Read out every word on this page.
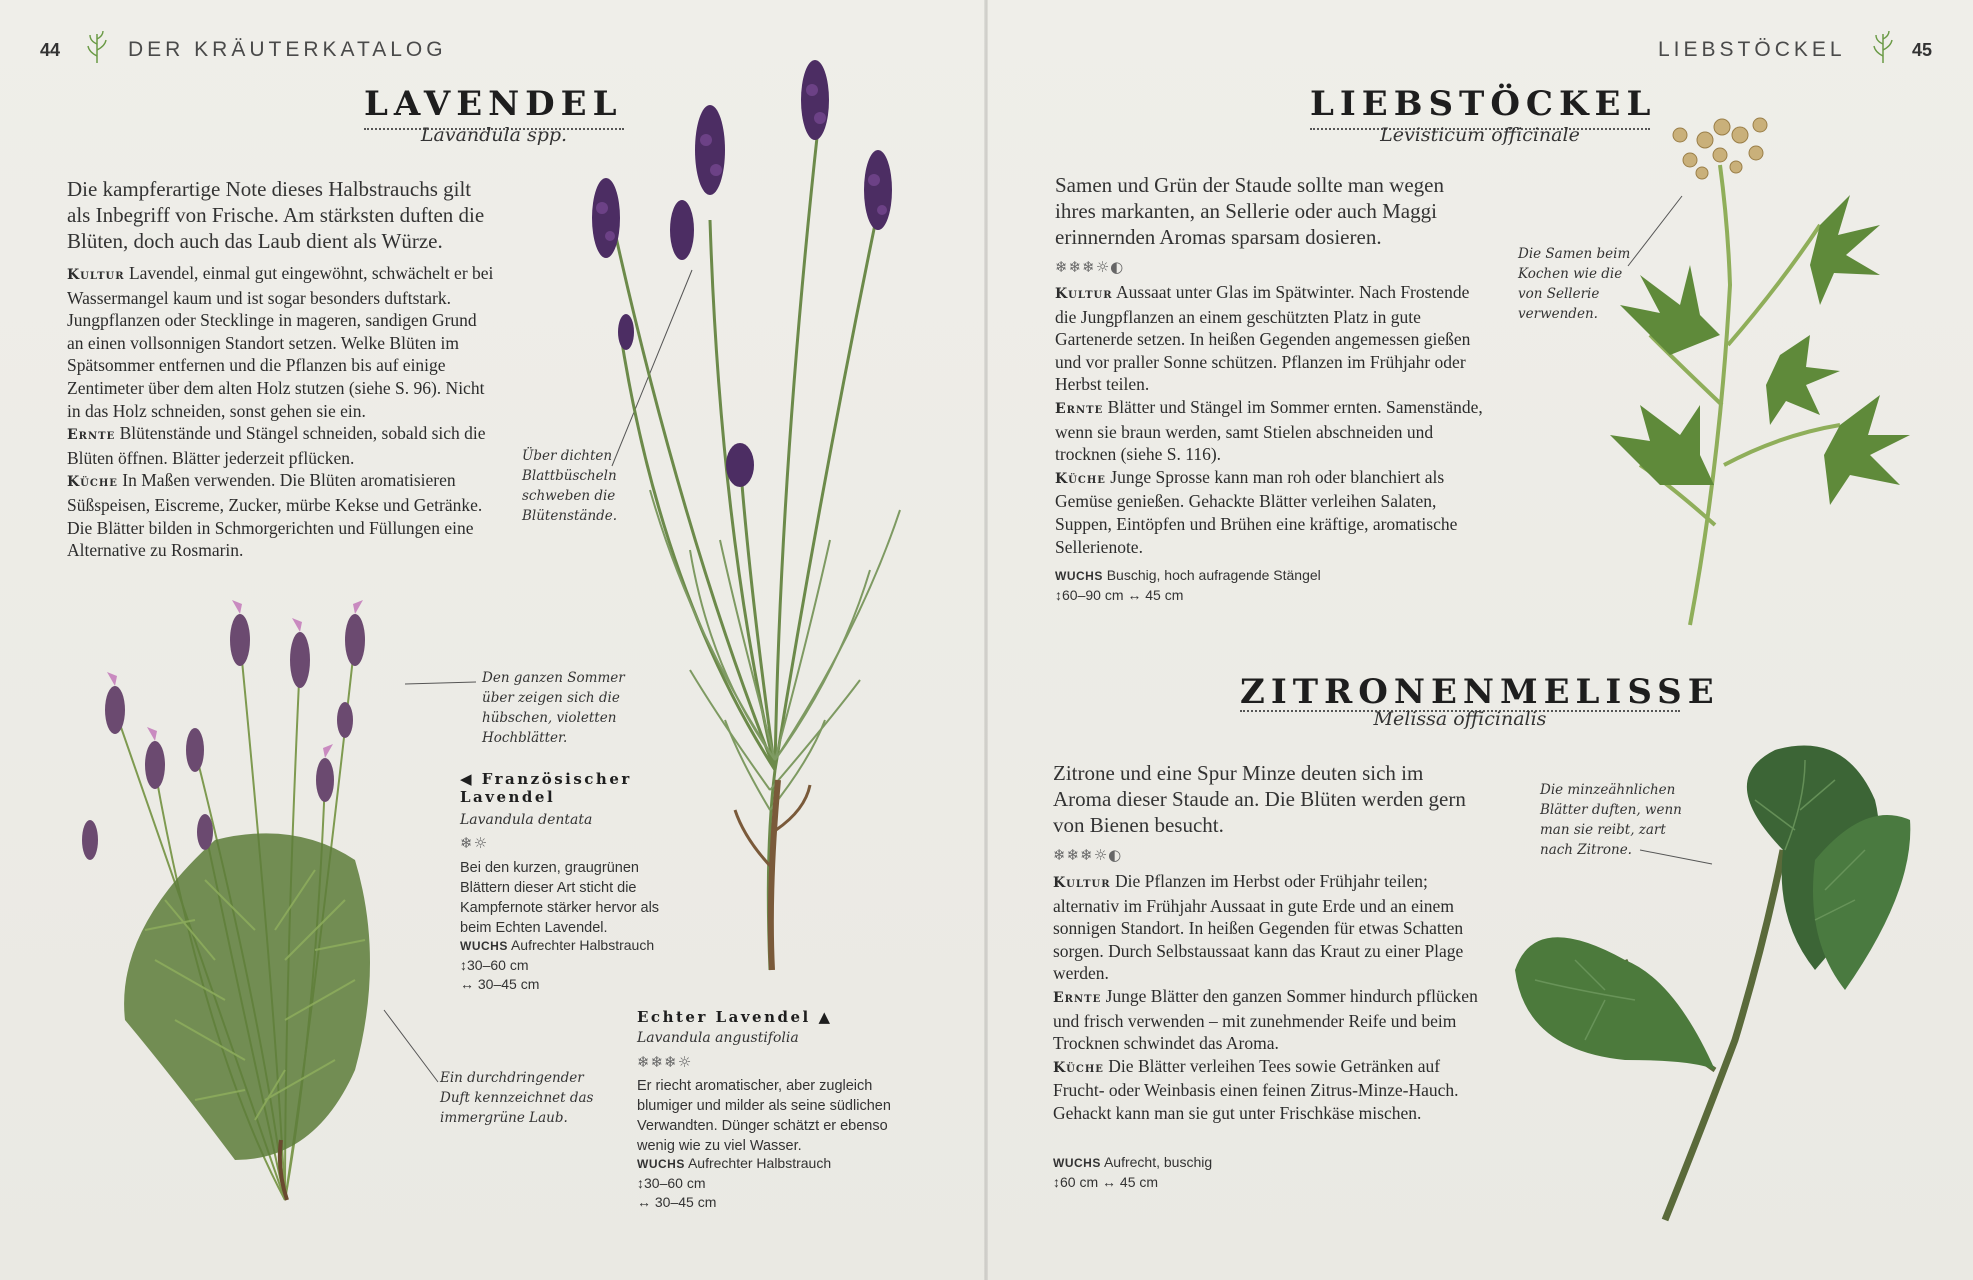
44	DER KRÄUTERKATALOG
LAVENDEL
Lavandula spp.
Die kampferartige Note dieses Halbstrauchs gilt als Inbegriff von Frische. Am stärksten duften die Blüten, doch auch das Laub dient als Würze.
Kultur Lavendel, einmal gut eingewöhnt, schwächelt er bei Wassermangel kaum und ist sogar besonders duftstark. Jungpflanzen oder Stecklinge in mageren, sandigen Grund an einen vollsonnigen Standort setzen. Welke Blüten im Spätsommer entfernen und die Pflanzen bis auf einige Zentimeter über dem alten Holz stutzen (siehe S. 96). Nicht in das Holz schneiden, sonst gehen sie ein.
Ernte Blütenstände und Stängel schneiden, sobald sich die Blüten öffnen. Blätter jederzeit pflücken.
Küche In Maßen verwenden. Die Blüten aromatisieren Süßspeisen, Eiscreme, Zucker, mürbe Kekse und Getränke. Die Blätter bilden in Schmorgerichten und Füllungen eine Alternative zu Rosmarin.
Über dichten Blattbüscheln schweben die Blütenstände.
Den ganzen Sommer über zeigen sich die hübschen, violetten Hochblätter.
◀ Französischer Lavendel
Lavandula dentata
❄☼
Bei den kurzen, graugrünen Blättern dieser Art sticht die Kampfernote stärker hervor als beim Echten Lavendel.
WUCHS Aufrechter Halbstrauch
↕30–60 cm
↔ 30–45 cm
Ein durchdringender Duft kennzeichnet das immergrüne Laub.
Echter Lavendel ▲
Lavandula angustifolia
❄❄❄☼
Er riecht aromatischer, aber zugleich blumiger und milder als seine südlichen Verwandten. Dünger schätzt er ebenso wenig wie zu viel Wasser.
WUCHS Aufrechter Halbstrauch
↕30–60 cm
↔ 30–45 cm
LIEBSTÖCKEL	45
LIEBSTÖCKEL
Levisticum officinale
Samen und Grün der Staude sollte man wegen ihres markanten, an Sellerie oder auch Maggi erinnernden Aromas sparsam dosieren.
❄❄❄☼◐
Kultur Aussaat unter Glas im Spätwinter. Nach Frostende die Jungpflanzen an einem geschützten Platz in gute Gartenerde setzen. In heißen Gegenden angemessen gießen und vor praller Sonne schützen. Pflanzen im Frühjahr oder Herbst teilen.
Ernte Blätter und Stängel im Sommer ernten. Samenstände, wenn sie braun werden, samt Stielen abschneiden und trocknen (siehe S. 116).
Küche Junge Sprosse kann man roh oder blanchiert als Gemüse genießen. Gehackte Blätter verleihen Salaten, Suppen, Eintöpfen und Brühen eine kräftige, aromatische Sellerienote.
WUCHS Buschig, hoch aufragende Stängel
↕60–90 cm ↔ 45 cm
Die Samen beim Kochen wie die von Sellerie verwenden.
ZITRONENMELISSE
Melissa officinalis
Zitrone und eine Spur Minze deuten sich im Aroma dieser Staude an. Die Blüten werden gern von Bienen besucht.
❄❄❄☼◐
Kultur Die Pflanzen im Herbst oder Frühjahr teilen; alternativ im Frühjahr Aussaat in gute Erde und an einem sonnigen Standort. In heißen Gegenden für etwas Schatten sorgen. Durch Selbstaussaat kann das Kraut zu einer Plage werden.
Ernte Junge Blätter den ganzen Sommer hindurch pflücken und frisch verwenden – mit zunehmender Reife und beim Trocknen schwindet das Aroma.
Küche Die Blätter verleihen Tees sowie Getränken auf Frucht- oder Weinbasis einen feinen Zitrus-Minze-Hauch. Gehackt kann man sie gut unter Frischkäse mischen.
WUCHS Aufrecht, buschig
↕60 cm ↔ 45 cm
Die minzeähnlichen Blätter duften, wenn man sie reibt, zart nach Zitrone.
